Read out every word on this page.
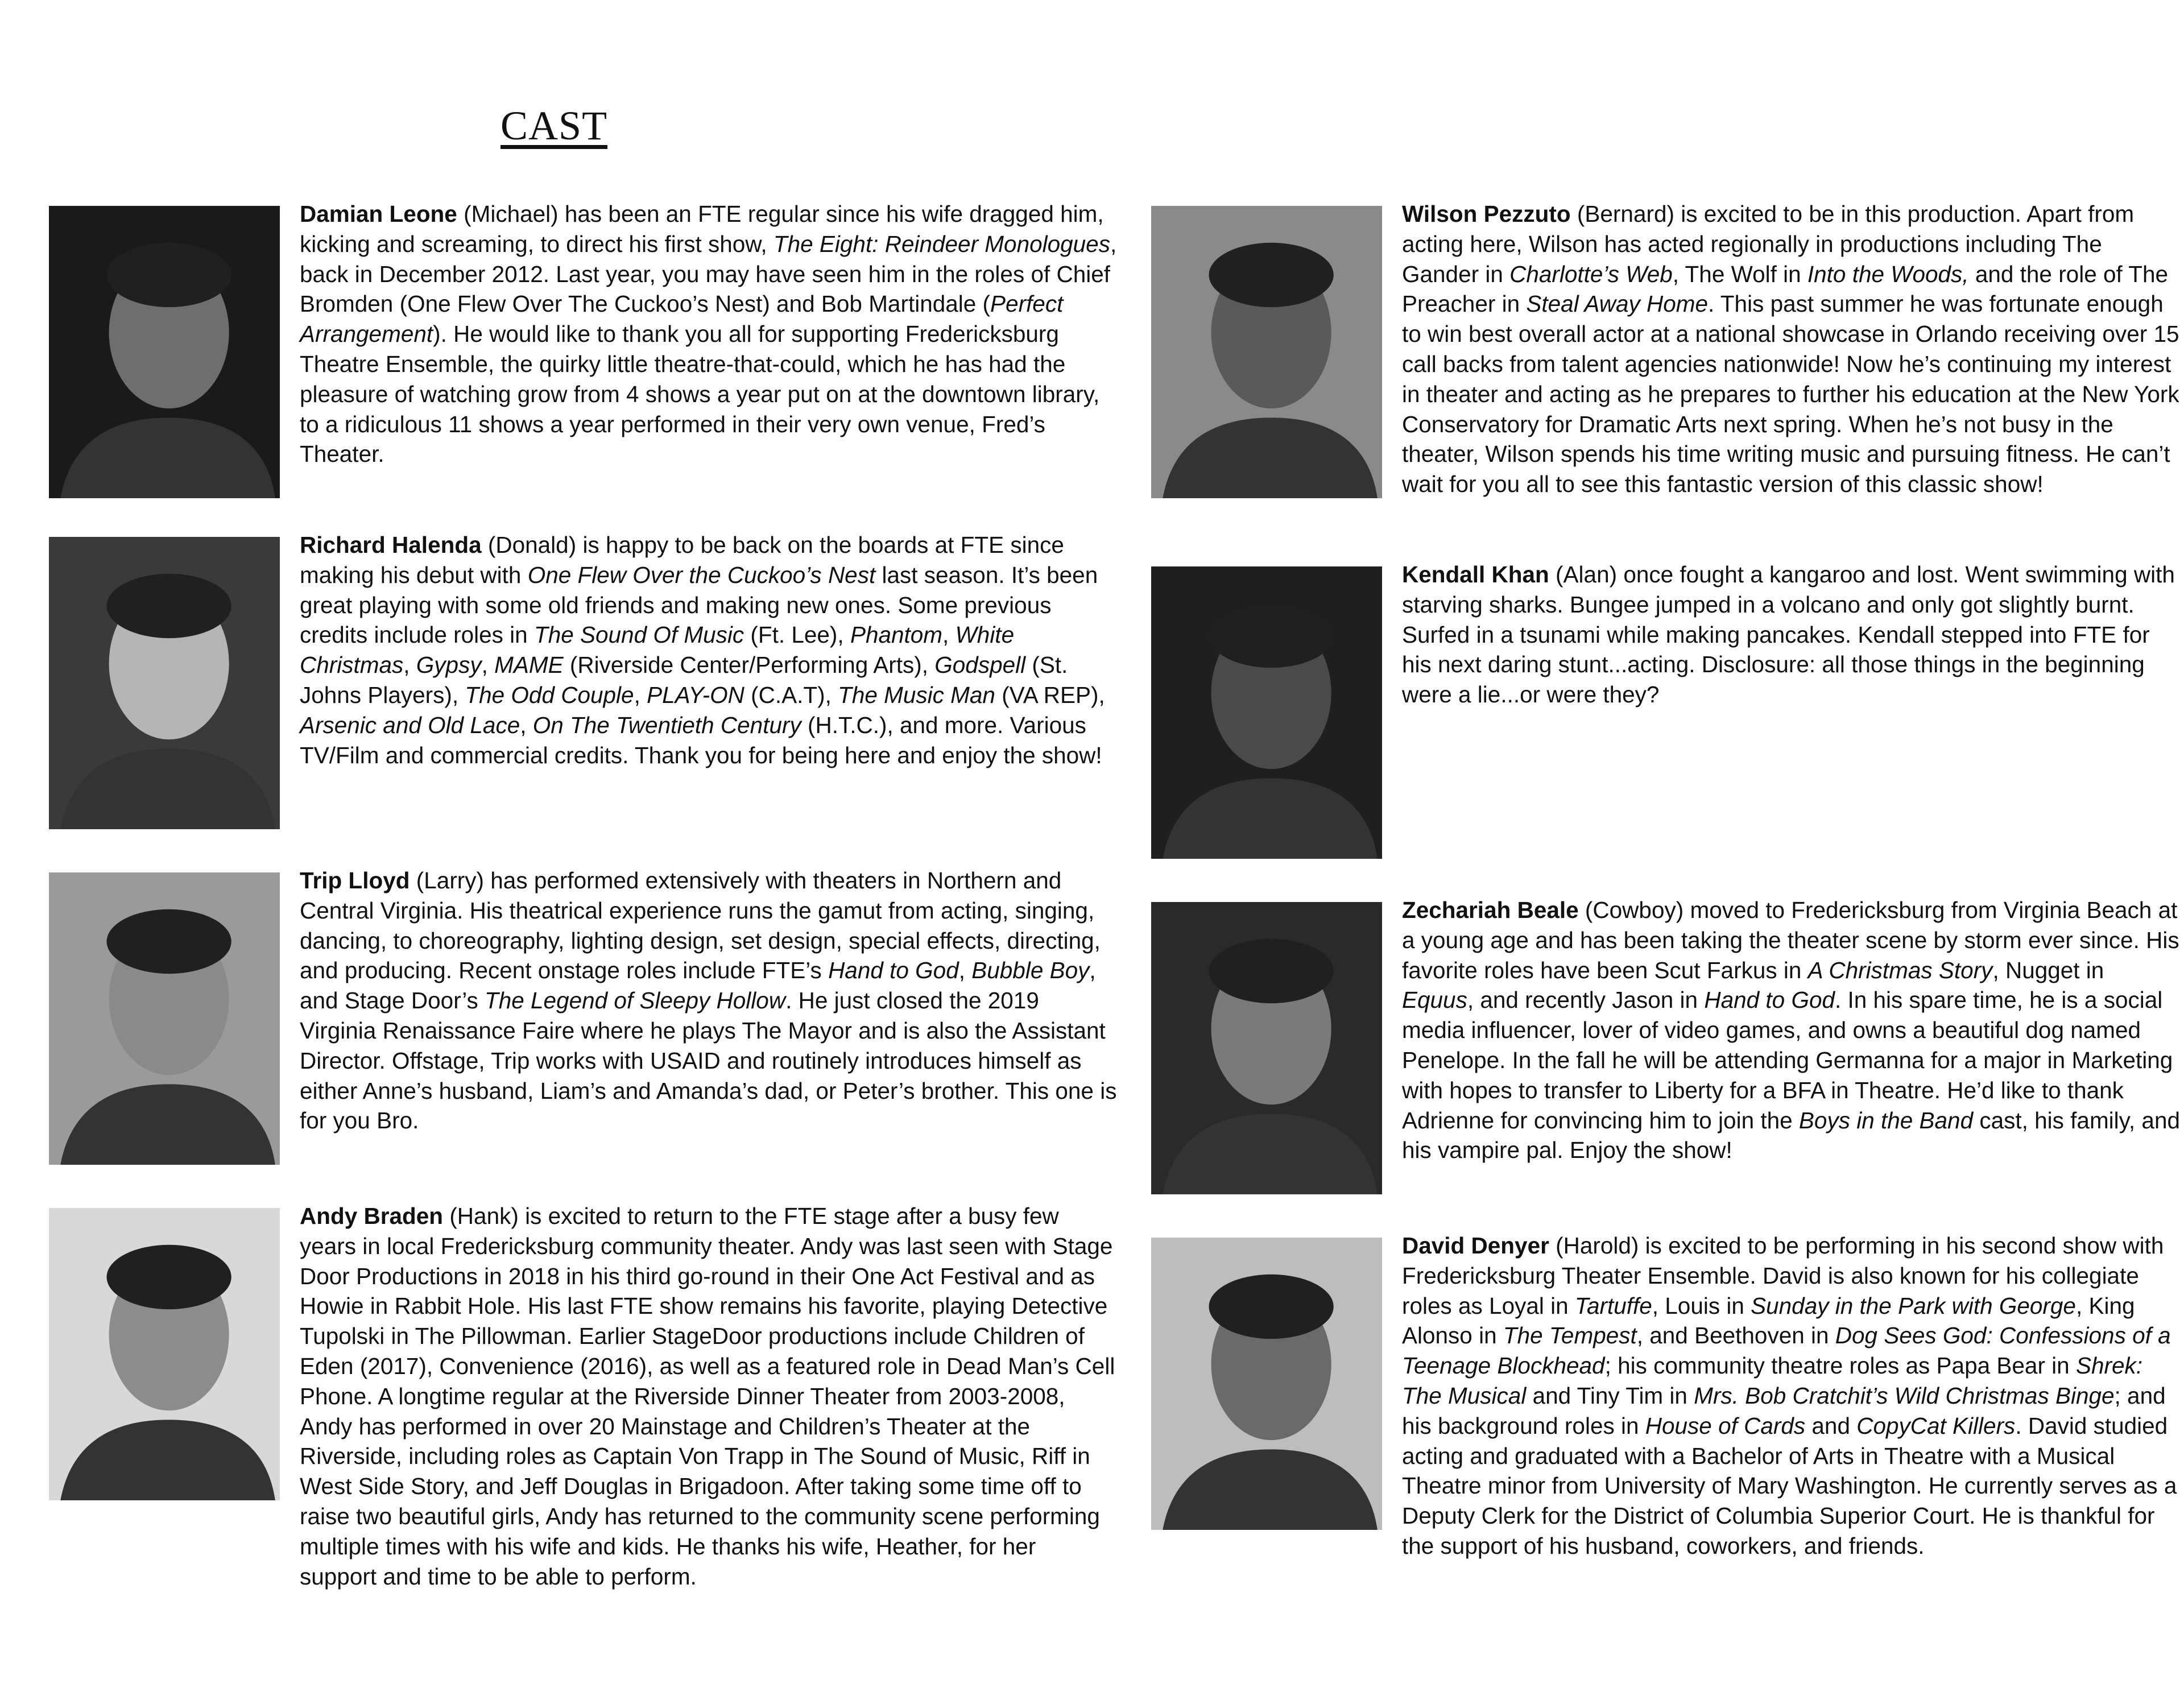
CAST
Damian Leone (Michael) has been an FTE regular since his wife dragged him, kicking and screaming, to direct his first show, The Eight: Reindeer Monologues, back in December 2012. Last year, you may have seen him in the roles of Chief Bromden (One Flew Over The Cuckoo’s Nest) and Bob Martindale (Perfect Arrangement). He would like to thank you all for supporting Fredericksburg Theatre Ensemble, the quirky little theatre-that-could, which he has had the pleasure of watching grow from 4 shows a year put on at the downtown library, to a ridiculous 11 shows a year performed in their very own venue, Fred’s Theater.
Richard Halenda (Donald) is happy to be back on the boards at FTE since making his debut with One Flew Over the Cuckoo’s Nest last season. It’s been great playing with some old friends and making new ones. Some previous credits include roles in The Sound Of Music (Ft. Lee), Phantom, White Christmas, Gypsy, MAME (Riverside Center/Performing Arts), Godspell (St. Johns Players), The Odd Couple, PLAY-ON (C.A.T), The Music Man (VA REP), Arsenic and Old Lace, On The Twentieth Century (H.T.C.), and more. Various TV/Film and commercial credits. Thank you for being here and enjoy the show!
Trip Lloyd (Larry) has performed extensively with theaters in Northern and Central Virginia. His theatrical experience runs the gamut from acting, singing, dancing, to choreography, lighting design, set design, special effects, directing, and producing. Recent onstage roles include FTE’s Hand to God, Bubble Boy, and Stage Door’s The Legend of Sleepy Hollow. He just closed the 2019 Virginia Renaissance Faire where he plays The Mayor and is also the Assistant Director. Offstage, Trip works with USAID and routinely introduces himself as either Anne’s husband, Liam’s and Amanda’s dad, or Peter’s brother. This one is for you Bro.
Andy Braden (Hank) is excited to return to the FTE stage after a busy few years in local Fredericksburg community theater. Andy was last seen with Stage Door Productions in 2018 in his third go-round in their One Act Festival and as Howie in Rabbit Hole. His last FTE show remains his favorite, playing Detective Tupolski in The Pillowman. Earlier StageDoor productions include Children of Eden (2017), Convenience (2016), as well as a featured role in Dead Man’s Cell Phone. A longtime regular at the Riverside Dinner Theater from 2003-2008, Andy has performed in over 20 Mainstage and Children’s Theater at the Riverside, including roles as Captain Von Trapp in The Sound of Music, Riff in West Side Story, and Jeff Douglas in Brigadoon. After taking some time off to raise two beautiful girls, Andy has returned to the community scene performing multiple times with his wife and kids. He thanks his wife, Heather, for her support and time to be able to perform.
Wilson Pezzuto (Bernard) is excited to be in this production. Apart from acting here, Wilson has acted regionally in productions including The Gander in Charlotte’s Web, The Wolf in Into the Woods, and the role of The Preacher in Steal Away Home. This past summer he was fortunate enough to win best overall actor at a national showcase in Orlando receiving over 15 call backs from talent agencies nationwide! Now he’s continuing my interest in theater and acting as he prepares to further his education at the New York Conservatory for Dramatic Arts next spring. When he’s not busy in the theater, Wilson spends his time writing music and pursuing fitness. He can’t wait for you all to see this fantastic version of this classic show!
Kendall Khan (Alan) once fought a kangaroo and lost. Went swimming with starving sharks. Bungee jumped in a volcano and only got slightly burnt. Surfed in a tsunami while making pancakes. Kendall stepped into FTE for his next daring stunt...acting. Disclosure: all those things in the beginning were a lie...or were they?
Zechariah Beale (Cowboy) moved to Fredericksburg from Virginia Beach at a young age and has been taking the theater scene by storm ever since. His favorite roles have been Scut Farkus in A Christmas Story, Nugget in Equus, and recently Jason in Hand to God. In his spare time, he is a social media influencer, lover of video games, and owns a beautiful dog named Penelope. In the fall he will be attending Germanna for a major in Marketing with hopes to transfer to Liberty for a BFA in Theatre. He’d like to thank Adrienne for convincing him to join the Boys in the Band cast, his family, and his vampire pal. Enjoy the show!
David Denyer (Harold) is excited to be performing in his second show with Fredericksburg Theater Ensemble. David is also known for his collegiate roles as Loyal in Tartuffe, Louis in Sunday in the Park with George, King Alonso in The Tempest, and Beethoven in Dog Sees God: Confessions of a Teenage Blockhead; his community theatre roles as Papa Bear in Shrek: The Musical and Tiny Tim in Mrs. Bob Cratchit’s Wild Christmas Binge; and his background roles in House of Cards and CopyCat Killers. David studied acting and graduated with a Bachelor of Arts in Theatre with a Musical Theatre minor from University of Mary Washington. He currently serves as a Deputy Clerk for the District of Columbia Superior Court. He is thankful for the support of his husband, coworkers, and friends.
